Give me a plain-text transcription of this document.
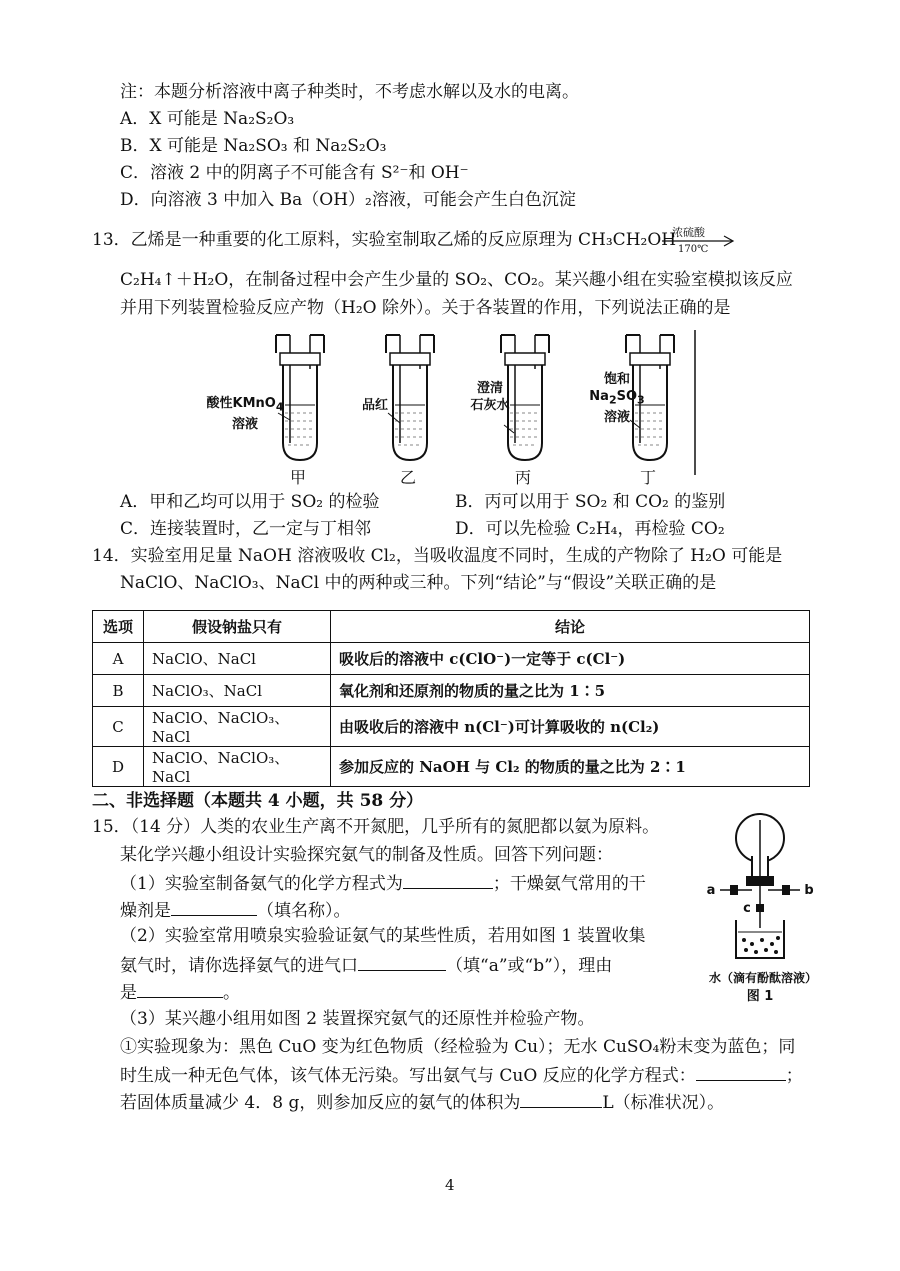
注：本题分析溶液中离子种类时，不考虑水解以及水的电离。
A．X 可能是 Na₂S₂O₃
B．X 可能是 Na₂SO₃ 和 Na₂S₂O₃
C．溶液 2 中的阴离子不可能含有 S²⁻和 OH⁻
D．向溶液 3 中加入 Ba（OH）₂溶液，可能会产生白色沉淀
13．乙烯是一种重要的化工原料，实验室制取乙烯的反应原理为 CH₃CH₂OH
浓硫酸
170℃
C₂H₄↑＋H₂O，在制备过程中会产生少量的 SO₂、CO₂。某兴趣小组在实验室模拟该反应
并用下列装置检验反应产物（H₂O 除外）。关于各装置的作用，下列说法正确的是
酸性KMnO$_4$
溶液
品红
澄清
石灰水
饱和
$Na_2SO_3$
溶液
甲	乙	丙	丁
A．甲和乙均可以用于 SO₂ 的检验	B．丙可以用于 SO₂ 和 CO₂ 的鉴别
C．连接装置时，乙一定与丁相邻	D．可以先检验 C₂H₄，再检验 CO₂
14．实验室用足量 NaOH 溶液吸收 Cl₂，当吸收温度不同时，生成的产物除了 H₂O 可能是
NaClO、NaClO₃、NaCl 中的两种或三种。下列“结论”与“假设”关联正确的是
选项	假设钠盐只有	结论
A	NaClO、NaCl	吸收后的溶液中 c(ClO⁻)一定等于 c(Cl⁻)
B	NaClO₃、NaCl	氧化剂和还原剂的物质的量之比为 1∶5
C	NaClO、NaClO₃、NaCl	由吸收后的溶液中 n(Cl⁻)可计算吸收的 n(Cl₂)
D	NaClO、NaClO₃、NaCl	参加反应的 NaOH 与 Cl₂ 的物质的量之比为 2∶1
二、非选择题（本题共 4 小题，共 58 分）
15．（14 分）人类的农业生产离不开氮肥，几乎所有的氮肥都以氨为原料。
某化学兴趣小组设计实验探究氨气的制备及性质。回答下列问题：
（1）实验室制备氨气的化学方程式为	；干燥氨气常用的干
燥剂是	（填名称）。
（2）实验室常用喷泉实验验证氨气的某些性质，若用如图 1 装置收集
氨气时，请你选择氨气的进气口	（填“a”或“b”），理由
是	。
（3）某兴趣小组用如图 2 装置探究氨气的还原性并检验产物。
①实验现象为：黑色 CuO 变为红色物质（经检验为 Cu）；无水 CuSO₄粉末变为蓝色；同
时生成一种无色气体，该气体无污染。写出氨气与 CuO 反应的化学方程式：	；
若固体质量减少 4．8 g，则参加反应的氨气的体积为	L（标准状况）。
a	b
c
水（滴有酚酞溶液）
图 1
4
